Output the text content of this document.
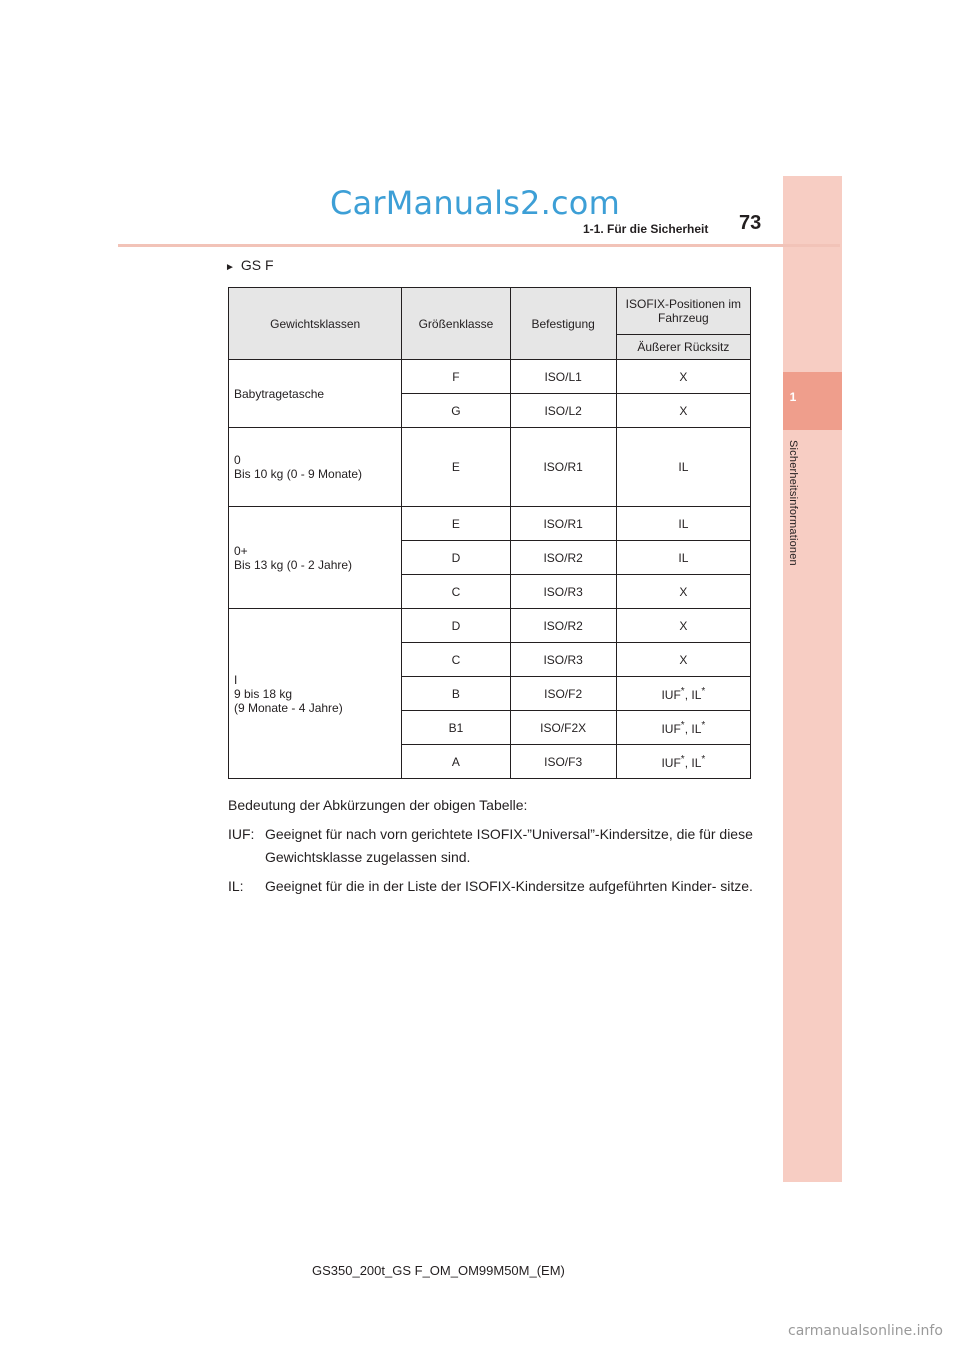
1
Sicherheitsinformationen
CarManuals2.com
1-1. Für die Sicherheit 73
► GS F
Gewichtsklassen	Größenklasse	Befestigung	ISOFIX-Positionen im Fahrzeug
			Äußerer Rücksitz
Babytragetasche	F	ISO/L1	X
	G	ISO/L2	X
0
Bis 10 kg (0 - 9 Monate)	E	ISO/R1	IL
0+
Bis 13 kg (0 - 2 Jahre)	E	ISO/R1	IL
	D	ISO/R2	IL
	C	ISO/R3	X
I
9 bis 18 kg
(9 Monate - 4 Jahre)	D	ISO/R2	X
	C	ISO/R3	X
	B	ISO/F2	IUF*, IL*
	B1	ISO/F2X	IUF*, IL*
	A	ISO/F3	IUF*, IL*

Bedeutung der Abkürzungen der obigen Tabelle:

IUF: Geeignet für nach vorn gerichtete ISOFIX-”Universal”-Kindersitze, die für diese Gewichtsklasse zugelassen sind.
IL:	Geeignet für die in der Liste der ISOFIX-Kindersitze aufgeführten Kinder- sitze.
GS350_200t_GS F_OM_OM99M50M_(EM)
carmanualsonline.info
